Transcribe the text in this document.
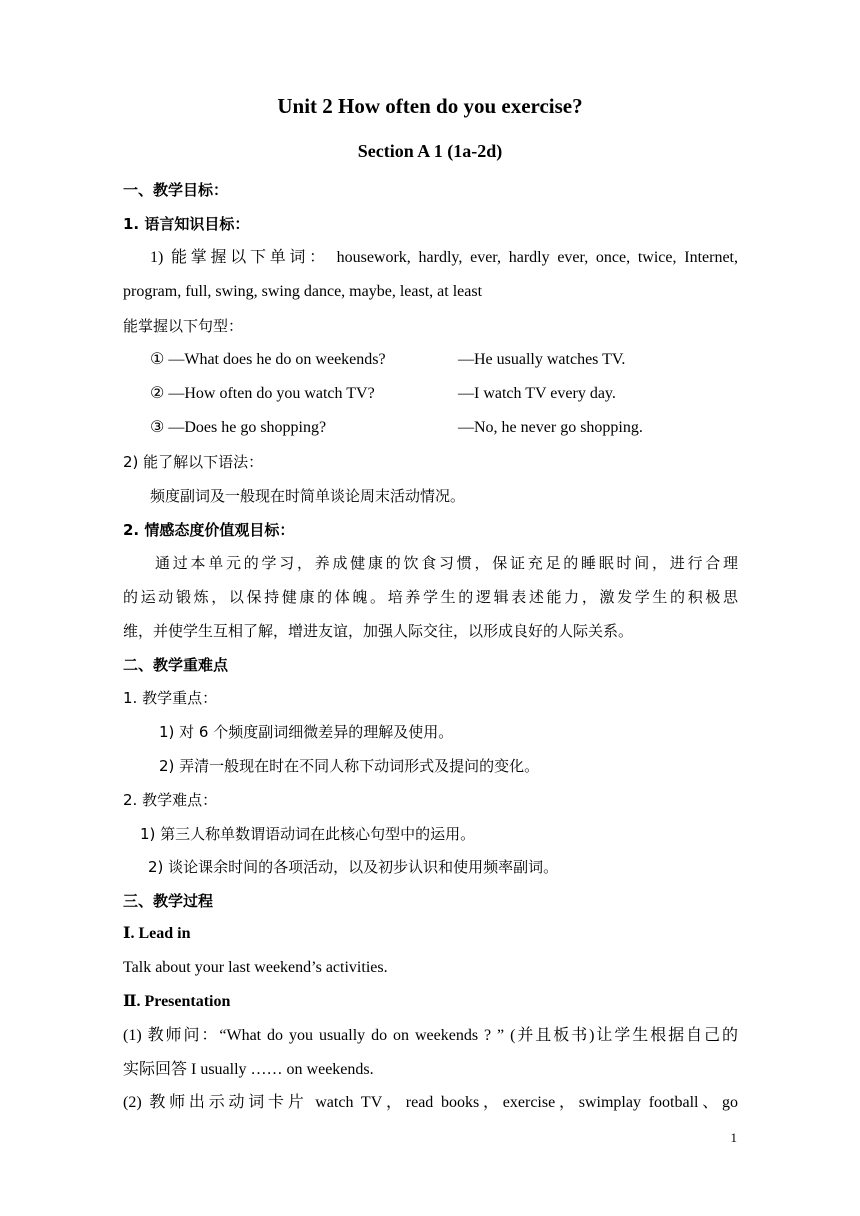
Unit 2 How often do you exercise?
Section A 1 (1a-2d)
一、教学目标：
1. 语言知识目标：
1) 能掌握以下单词： housework, hardly, ever, hardly ever, once, twice, Internet,
program, full, swing, swing dance, maybe, least, at least
能掌握以下句型：
① —What does he do on weekends?	—He usually watches TV.
② —How often do you watch TV?	—I watch TV every day.
③ —Does he go shopping?	—No, he never go shopping.
2) 能了解以下语法：
频度副词及一般现在时简单谈论周末活动情况。
2. 情感态度价值观目标：
通过本单元的学习，养成健康的饮食习惯，保证充足的睡眠时间，进行合理
的运动锻炼，以保持健康的体魄。培养学生的逻辑表述能力，激发学生的积极思
维，并使学生互相了解，增进友谊，加强人际交往，以形成良好的人际关系。
二、教学重难点
1. 教学重点：
1) 对 6 个频度副词细微差异的理解及使用。
2) 弄清一般现在时在不同人称下动词形式及提问的变化。
2. 教学难点：
1) 第三人称单数谓语动词在此核心句型中的运用。
2) 谈论课余时间的各项活动，以及初步认识和使用频率副词。
三、教学过程
Ⅰ. Lead in
Talk about your last weekend’s activities.
Ⅱ. Presentation
(1) 教师问：“What do you usually do on weekends ? ” (并且板书)让学生根据自己的
实际回答 I usually …… on weekends.
(2) 教师出示动词卡片 watch TV，read books，exercise，swimplay football、go
1
